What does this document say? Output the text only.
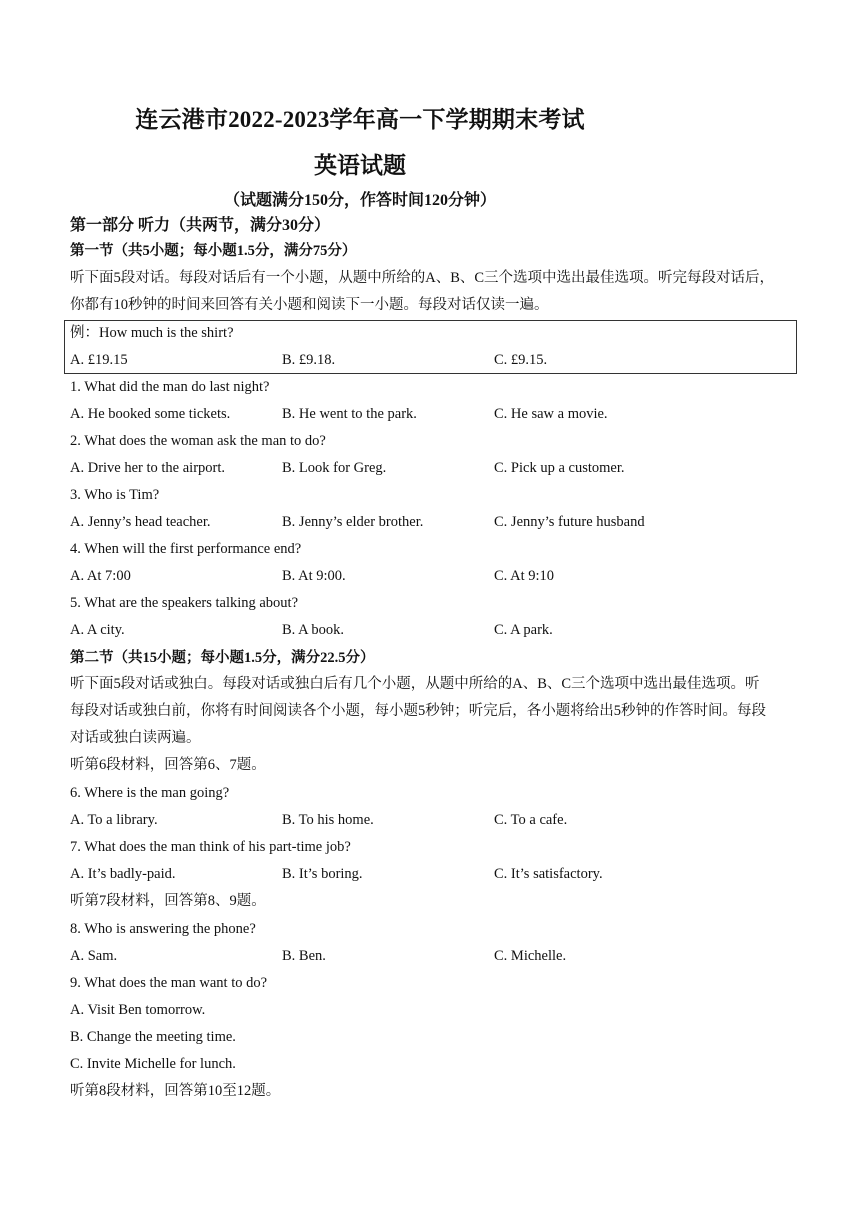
连云港市2022-2023学年高一下学期期末考试
英语试题
（试题满分150分，作答时间120分钟）
第一部分 听力（共两节，满分30分）
第一节（共5小题；每小题1.5分，满分75分）
听下面5段对话。每段对话后有一个小题，从题中所给的A、B、C三个选项中选出最佳选项。听完每段对话后，
你都有10秒钟的时间来回答有关小题和阅读下一小题。每段对话仅读一遍。
例：How much is the shirt?
A. £19.15	B. £9.18.	C. £9.15.
1. What did the man do last night?
A. He booked some tickets.	B. He went to the park.	C. He saw a movie.
2. What does the woman ask the man to do?
A. Drive her to the airport.	B. Look for Greg.	C. Pick up a customer.
3. Who is Tim?
A. Jenny’s head teacher.	B. Jenny’s elder brother.	C. Jenny’s future husband
4. When will the first performance end?
A. At 7:00	B. At 9:00.	C. At 9:10
5. What are the speakers talking about?
A. A city.	B. A book.	C. A park.
第二节（共15小题；每小题1.5分，满分22.5分）
听下面5段对话或独白。每段对话或独白后有几个小题，从题中所给的A、B、C三个选项中选出最佳选项。听
每段对话或独白前，你将有时间阅读各个小题，每小题5秒钟；听完后，各小题将给出5秒钟的作答时间。每段
对话或独白读两遍。
听第6段材料，回答第6、7题。
6. Where is the man going?
A. To a library.	B. To his home.	C. To a cafe.
7. What does the man think of his part-time job?
A. It’s badly-paid.	B. It’s boring.	C. It’s satisfactory.
听第7段材料，回答第8、9题。
8. Who is answering the phone?
A. Sam.	B. Ben.	C. Michelle.
9. What does the man want to do?
A. Visit Ben tomorrow.
B. Change the meeting time.
C. Invite Michelle for lunch.
听第8段材料，回答第10至12题。
